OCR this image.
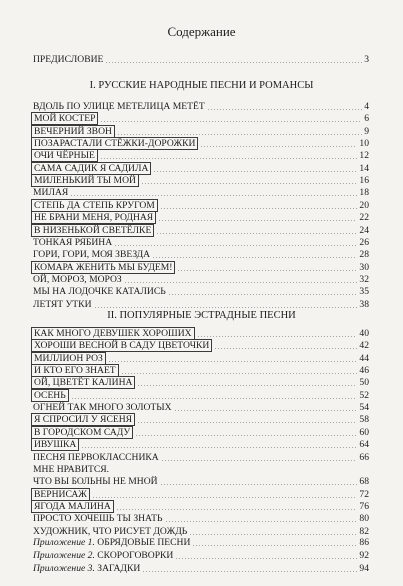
Содержание
ПРЕДИСЛОВИЕ	3
I. РУССКИЕ НАРОДНЫЕ ПЕСНИ И РОМАНСЫ
ВДОЛЬ ПО УЛИЦЕ МЕТЕЛИЦА МЕТЁТ	4
МОЙ КОСТЕР	6
ВЕЧЕРНИЙ ЗВОН	9
ПОЗАРАСТАЛИ СТЁЖКИ-ДОРОЖКИ	10
ОЧИ ЧЁРНЫЕ	12
САМА САДИК Я САДИЛА	14
МИЛЕНЬКИЙ ТЫ МОЙ	16
МИЛАЯ	18
СТЕПЬ ДА СТЕПЬ КРУГОМ	20
НЕ БРАНИ МЕНЯ, РОДНАЯ	22
В НИЗЕНЬКОЙ СВЕТЁЛКЕ	24
ТОНКАЯ РЯБИНА	26
ГОРИ, ГОРИ, МОЯ ЗВЕЗДА	28
КОМАРА ЖЕНИТЬ МЫ БУДЕМ!	30
ОЙ, МОРОЗ, МОРОЗ	32
МЫ НА ЛОДОЧКЕ КАТАЛИСЬ	35
ЛЕТЯТ УТКИ	38
II. ПОПУЛЯРНЫЕ ЭСТРАДНЫЕ ПЕСНИ
КАК МНОГО ДЕВУШЕК ХОРОШИХ	40
ХОРОШИ ВЕСНОЙ В САДУ ЦВЕТОЧКИ	42
МИЛЛИОН РОЗ	44
И КТО ЕГО ЗНАЕТ	46
ОЙ, ЦВЕТЁТ КАЛИНА	50
ОСЕНЬ	52
ОГНЕЙ ТАК МНОГО ЗОЛОТЫХ	54
Я СПРОСИЛ У ЯСЕНЯ	58
В ГОРОДСКОМ САДУ	60
ИВУШКА	64
ПЕСНЯ ПЕРВОКЛАССНИКА	66
МНЕ НРАВИТСЯ.
ЧТО ВЫ БОЛЬНЫ НЕ МНОЙ	68
ВЕРНИСАЖ	72
ЯГОДА МАЛИНА	76
ПРОСТО ХОЧЕШЬ ТЫ ЗНАТЬ	80
ХУДОЖНИК, ЧТО РИСУЕТ ДОЖДЬ	82
Приложение 1. ОБРЯДОВЫЕ ПЕСНИ	86
Приложение 2. СКОРОГОВОРКИ	92
Приложение 3. ЗАГАДКИ	94
